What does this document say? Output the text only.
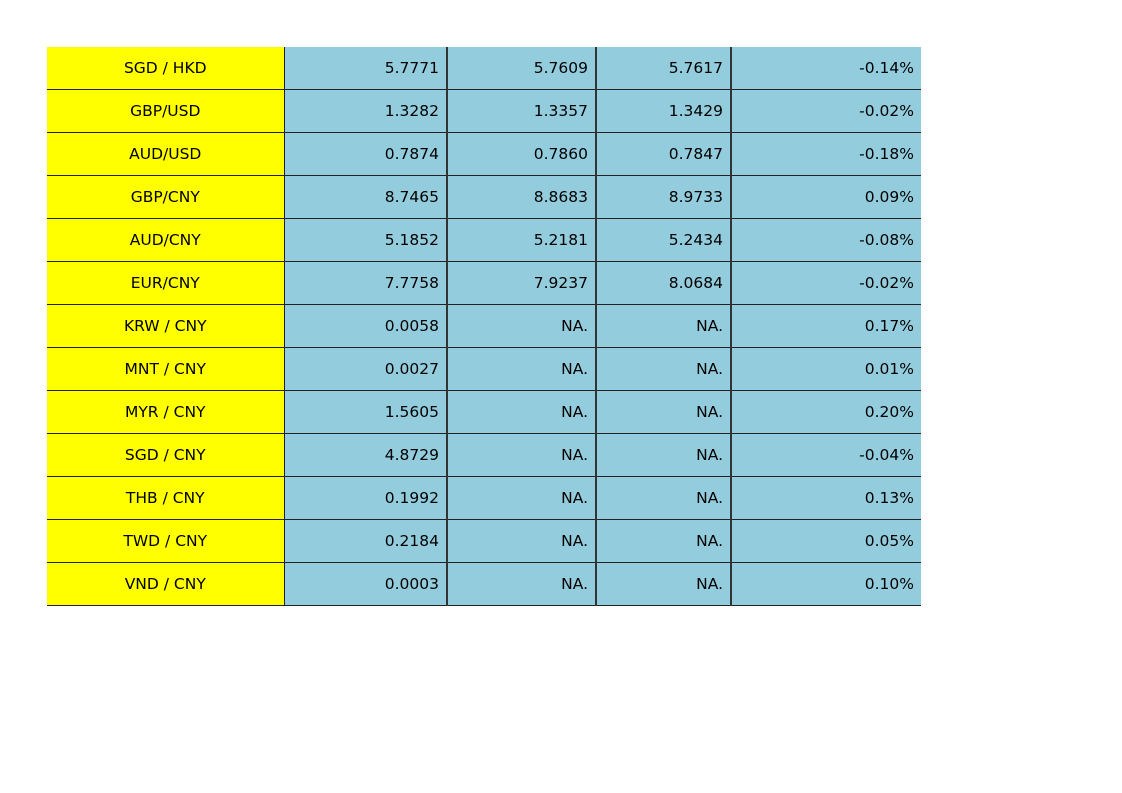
SGD / HKD	5.7771	5.7609	5.7617	-0.14%
GBP/USD	1.3282	1.3357	1.3429	-0.02%
AUD/USD	0.7874	0.7860	0.7847	-0.18%
GBP/CNY	8.7465	8.8683	8.9733	0.09%
AUD/CNY	5.1852	5.2181	5.2434	-0.08%
EUR/CNY	7.7758	7.9237	8.0684	-0.02%
KRW / CNY	0.0058	NA.	NA.	0.17%
MNT / CNY	0.0027	NA.	NA.	0.01%
MYR / CNY	1.5605	NA.	NA.	0.20%
SGD / CNY	4.8729	NA.	NA.	-0.04%
THB / CNY	0.1992	NA.	NA.	0.13%
TWD / CNY	0.2184	NA.	NA.	0.05%
VND / CNY	0.0003	NA.	NA.	0.10%
